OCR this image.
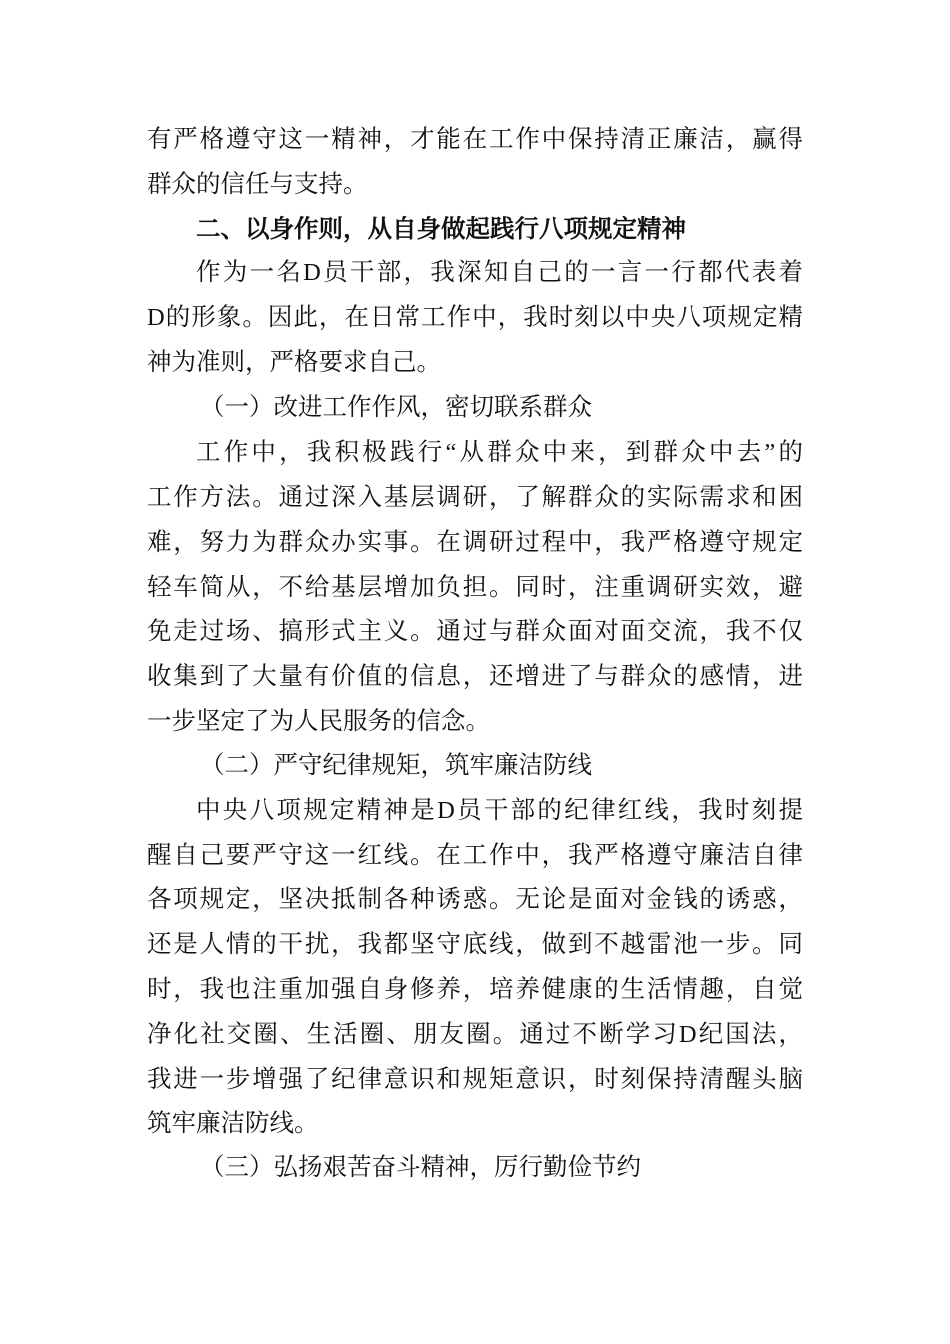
有严格遵守这一精神，才能在工作中保持清正廉洁，赢得
群众的信任与支持。
二、以身作则，从自身做起践行八项规定精神
作为一名D员干部，我深知自己的一言一行都代表着
D的形象。因此，在日常工作中，我时刻以中央八项规定精
神为准则，严格要求自己。
（一）改进工作作风，密切联系群众
工作中，我积极践行“从群众中来，到群众中去”的
工作方法。通过深入基层调研，了解群众的实际需求和困
难，努力为群众办实事。在调研过程中，我严格遵守规定
轻车简从，不给基层增加负担。同时，注重调研实效，避
免走过场、搞形式主义。通过与群众面对面交流，我不仅
收集到了大量有价值的信息，还增进了与群众的感情，进
一步坚定了为人民服务的信念。
（二）严守纪律规矩，筑牢廉洁防线
中央八项规定精神是D员干部的纪律红线，我时刻提
醒自己要严守这一红线。在工作中，我严格遵守廉洁自律
各项规定，坚决抵制各种诱惑。无论是面对金钱的诱惑，
还是人情的干扰，我都坚守底线，做到不越雷池一步。同
时，我也注重加强自身修养，培养健康的生活情趣，自觉
净化社交圈、生活圈、朋友圈。通过不断学习D纪国法，
我进一步增强了纪律意识和规矩意识，时刻保持清醒头脑
筑牢廉洁防线。
（三）弘扬艰苦奋斗精神，厉行勤俭节约
